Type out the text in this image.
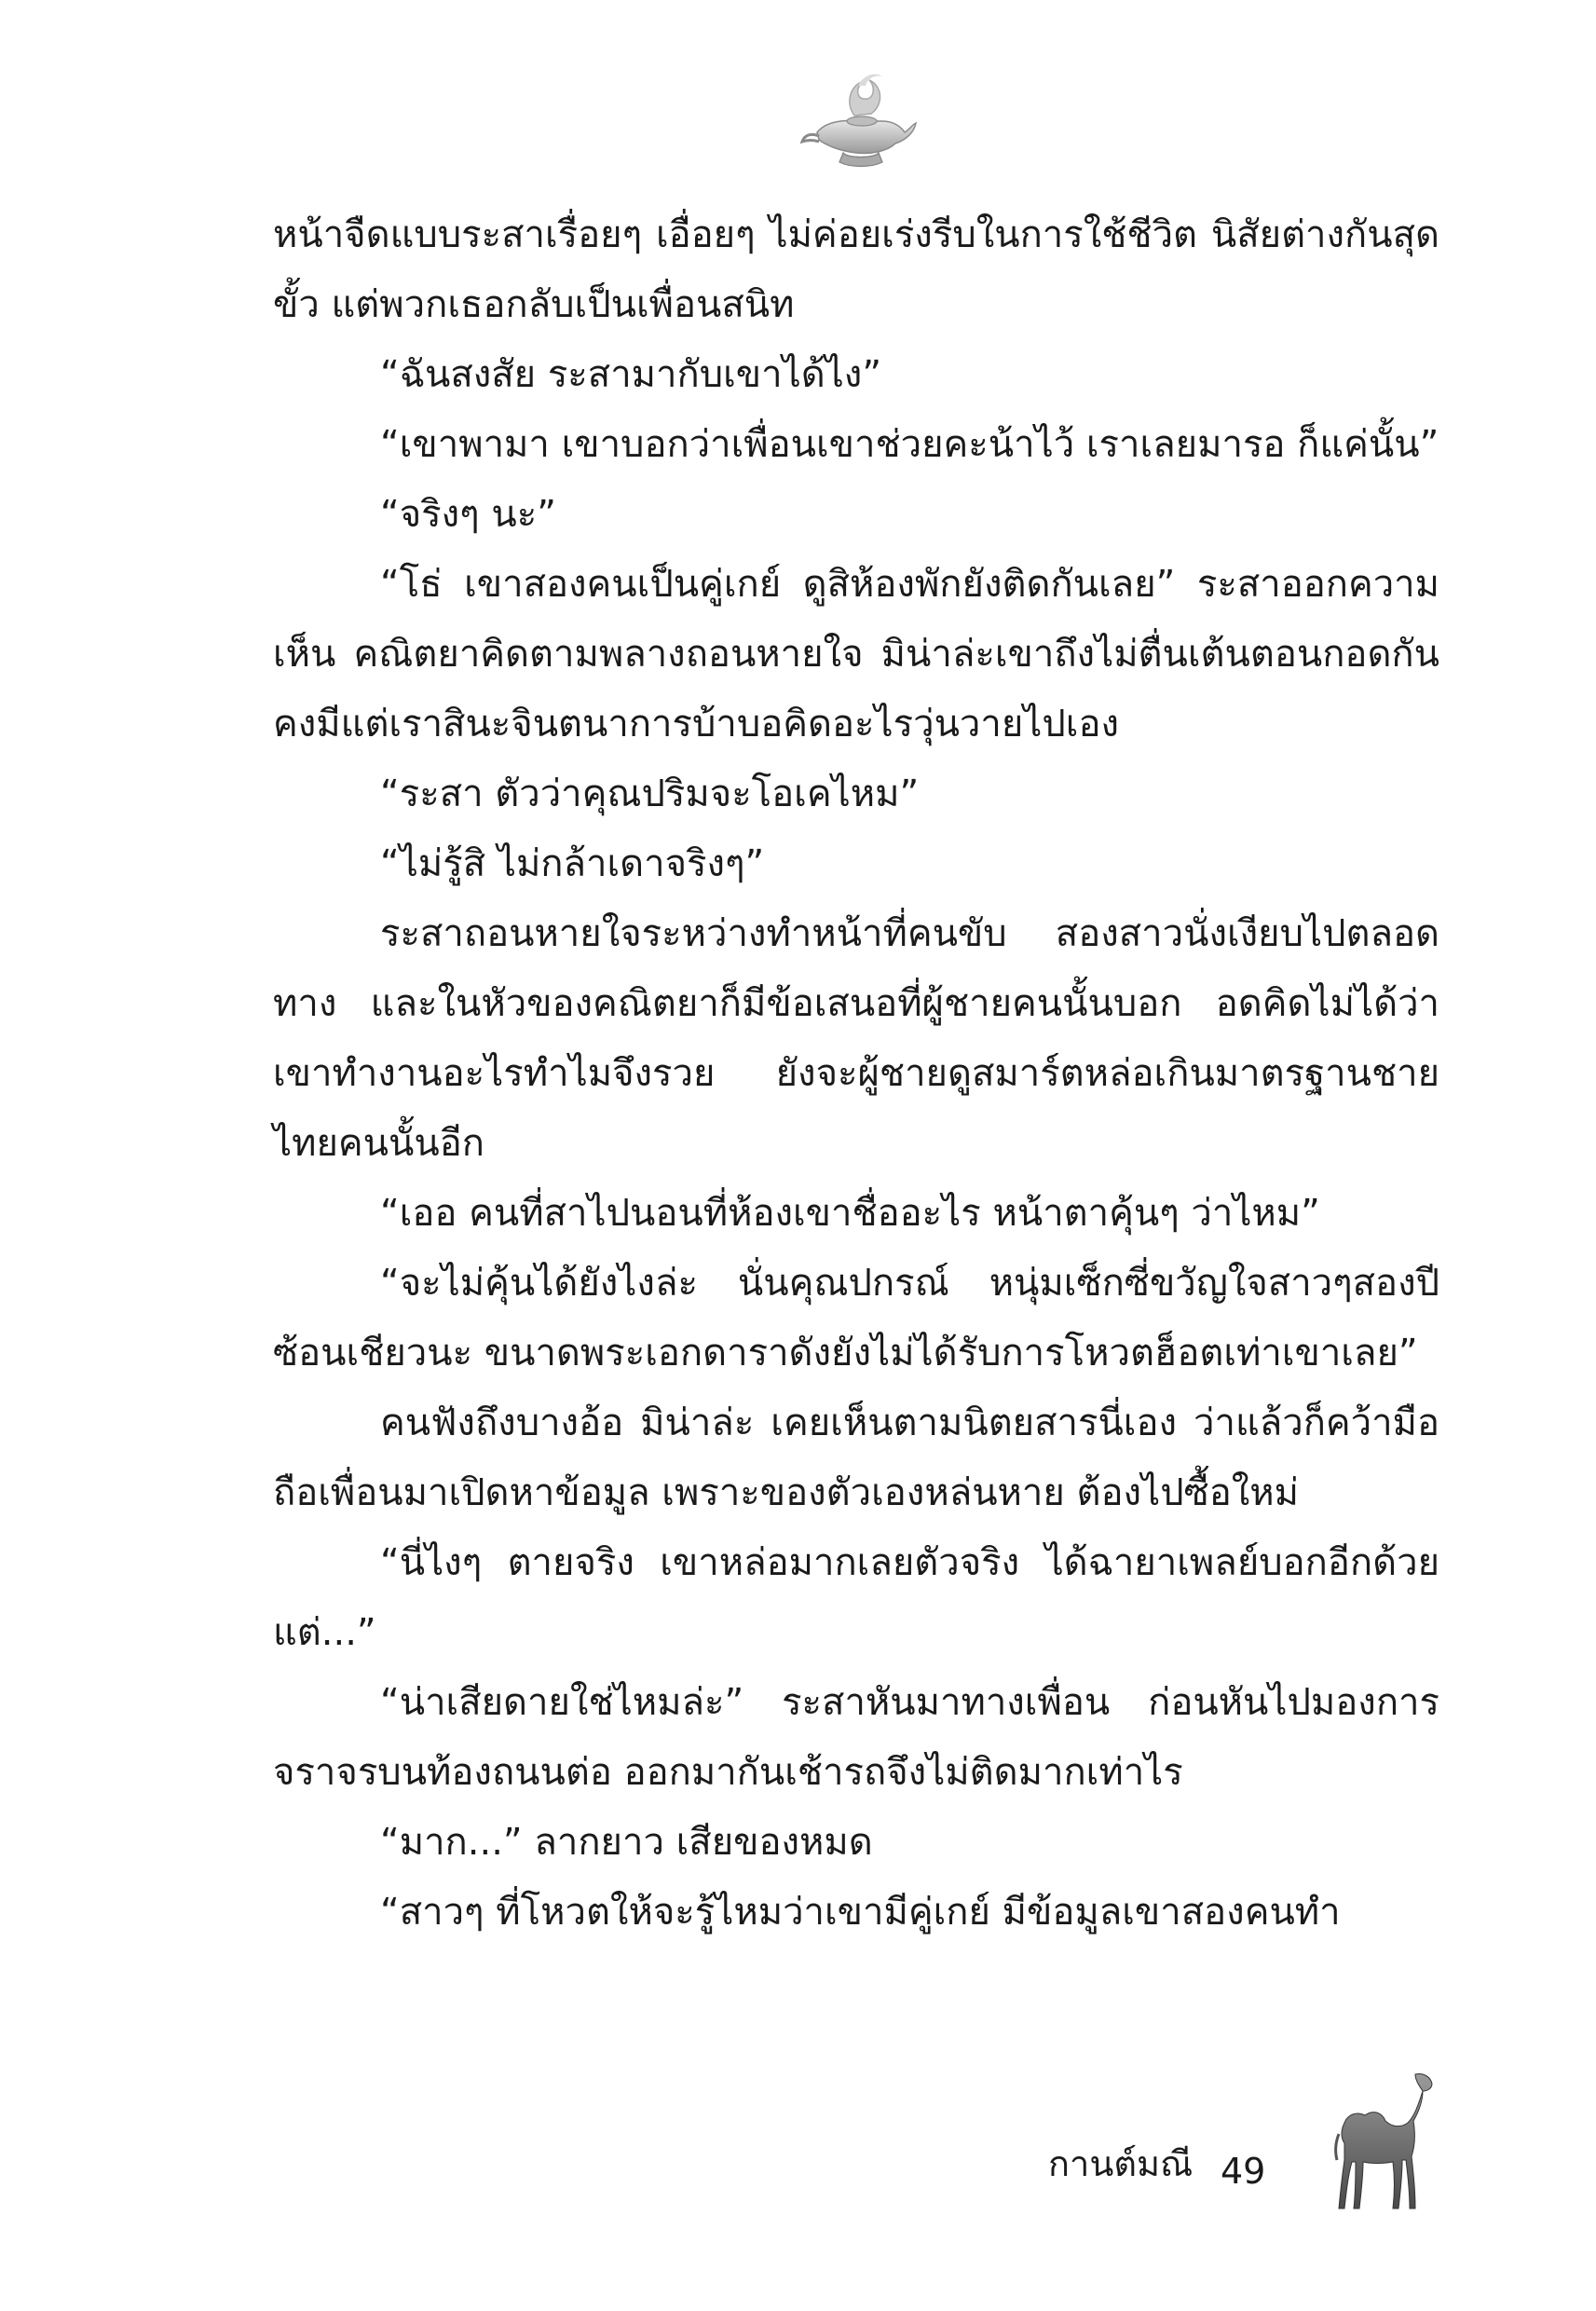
หน้าจืดแบบระสาเรื่อยๆ เอื่อยๆ ไม่ค่อยเร่งรีบในการใช้ชีวิต นิสัยต่างกันสุดขั้ว แต่พวกเธอกลับเป็นเพื่อนสนิท

“ฉันสงสัย ระสามากับเขาได้ไง”

“เขาพามา เขาบอกว่าเพื่อนเขาช่วยคะน้าไว้ เราเลยมารอ ก็แค่นั้น”

“จริงๆ นะ”

“โธ่ เขาสองคนเป็นคู่เกย์ ดูสิห้องพักยังติดกันเลย” ระสาออกความเห็น คณิตยาคิดตามพลางถอนหายใจ มิน่าล่ะเขาถึงไม่ตื่นเต้นตอนกอดกัน คงมีแต่เราสินะจินตนาการบ้าบอคิดอะไรวุ่นวายไปเอง

“ระสา ตัวว่าคุณปริมจะโอเคไหม”

“ไม่รู้สิ ไม่กล้าเดาจริงๆ”

ระสาถอนหายใจระหว่างทำหน้าที่คนขับ สองสาวนั่งเงียบไปตลอดทาง และในหัวของคณิตยาก็มีข้อเสนอที่ผู้ชายคนนั้นบอก อดคิดไม่ได้ว่าเขาทำงานอะไรทำไมจึงรวย ยังจะผู้ชายดูสมาร์ตหล่อเกินมาตรฐานชายไทยคนนั้นอีก

“เออ คนที่สาไปนอนที่ห้องเขาชื่ออะไร หน้าตาคุ้นๆ ว่าไหม”

“จะไม่คุ้นได้ยังไงล่ะ นั่นคุณปกรณ์ หนุ่มเซ็กซี่ขวัญใจสาวๆสองปีซ้อนเชียวนะ ขนาดพระเอกดาราดังยังไม่ได้รับการโหวตฮ็อตเท่าเขาเลย”

คนฟังถึงบางอ้อ มิน่าล่ะ เคยเห็นตามนิตยสารนี่เอง ว่าแล้วก็คว้ามือถือเพื่อนมาเปิดหาข้อมูล เพราะของตัวเองหล่นหาย ต้องไปซื้อใหม่

“นี่ไงๆ ตายจริง เขาหล่อมากเลยตัวจริง ได้ฉายาเพลย์บอกอีกด้วย แต่...”

“น่าเสียดายใช่ไหมล่ะ” ระสาหันมาทางเพื่อน ก่อนหันไปมองการจราจรบนท้องถนนต่อ ออกมากันเช้ารถจึงไม่ติดมากเท่าไร

“มาก...” ลากยาว เสียของหมด

“สาวๆ ที่โหวตให้จะรู้ไหมว่าเขามีคู่เกย์ มีข้อมูลเขาสองคนทำ

กานต์มณี 49
